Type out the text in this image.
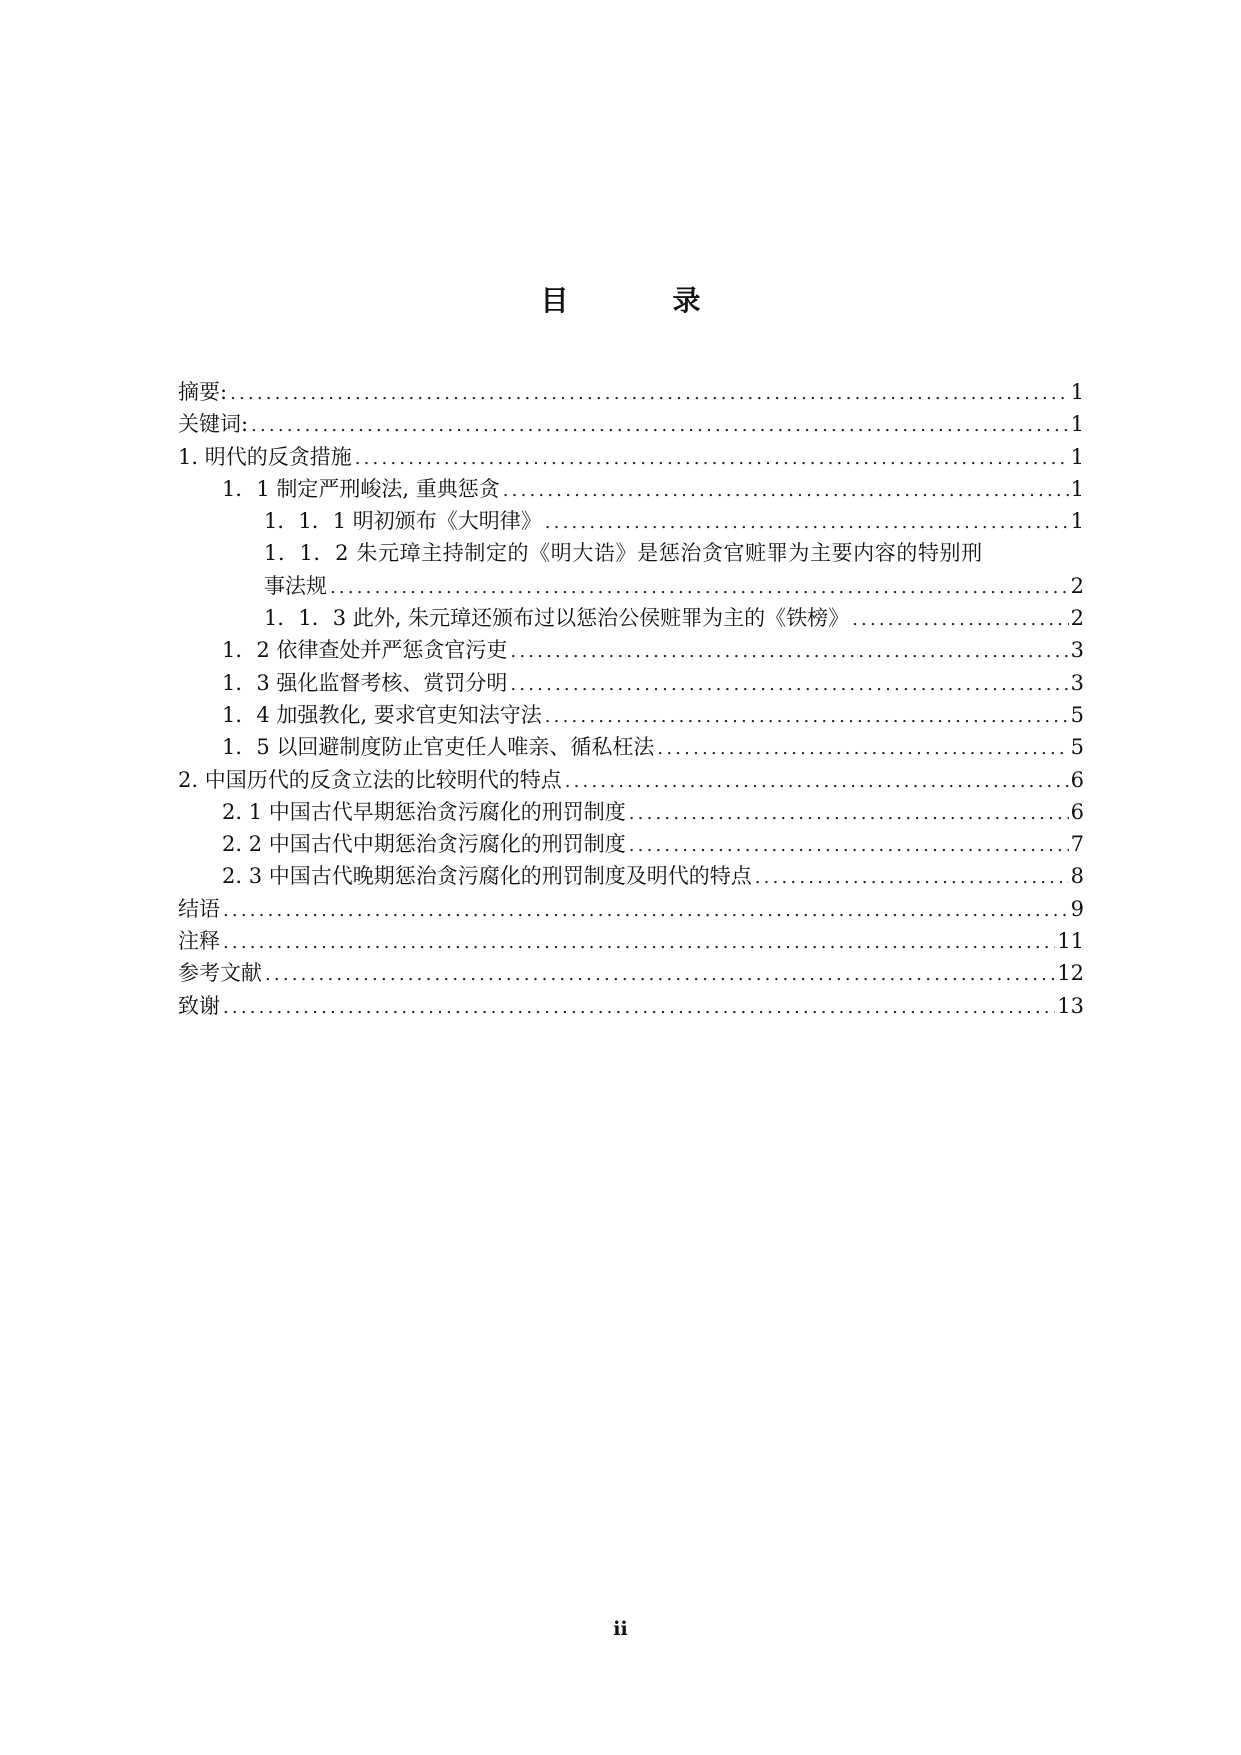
目　录
摘要: .....	1
关键词: .....	1
1. 明代的反贪措施 .....	1
1．1 制定严刑峻法, 重典惩贪 .....	1
1．1．1 明初颁布《大明律》 .....	1
1．1．2 朱元璋主持制定的《明大诰》是惩治贪官赃罪为主要内容的特别刑
事法规 .....	2
1．1．3 此外, 朱元璋还颁布过以惩治公侯赃罪为主的《铁榜》 .....	2
1．2 依律查处并严惩贪官污吏 .....	3
1．3 强化监督考核、赏罚分明 .....	3
1．4 加强教化, 要求官吏知法守法 .....	5
1．5 以回避制度防止官吏任人唯亲、循私枉法 .....	5
2. 中国历代的反贪立法的比较明代的特点 .....	6
2. 1 中国古代早期惩治贪污腐化的刑罚制度 .....	6
2. 2 中国古代中期惩治贪污腐化的刑罚制度 .....	7
2. 3 中国古代晚期惩治贪污腐化的刑罚制度及明代的特点 .....	8
结语 .....	9
注释 .....	11
参考文献 .....	12
致谢 .....	13
ii
